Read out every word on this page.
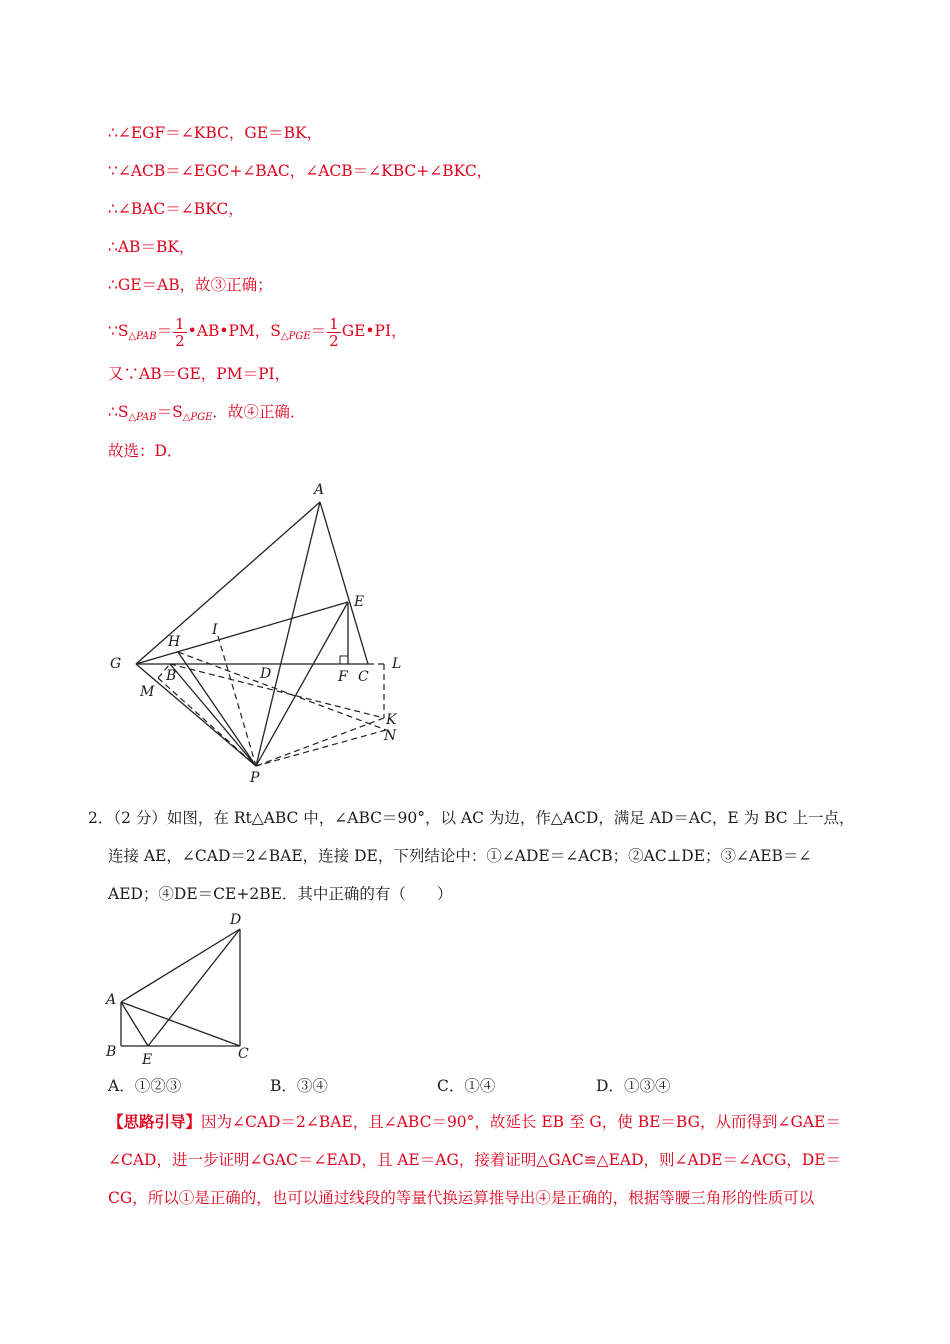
∴∠EGF＝∠KBC，GE＝BK，
∵∠ACB＝∠EGC+∠BAC，∠ACB＝∠KBC+∠BKC，
∴∠BAC＝∠BKC，
∴AB＝BK，
∴GE＝AB，故③正确；
$\because S_{\triangle PAB}= \frac{1}{2}$ •AB•PM，$S_{\triangle PGE}= \frac{1}{2}$ GE•PI，
又∵AB＝GE，PM＝PI，
$\therefore S_{\triangle PAB}=S_{\triangle PGE}$．故④正确．
故选：D．
A
E
H
I
G
B	D	F C
L
M
K
N
P
2．（2 分）如图，在 Rt△ABC 中，∠ABC＝90°，以 AC 为边，作△ACD，满足 AD＝AC，E 为 BC 上一点，
连接 AE，∠CAD＝2∠BAE，连接 DE，下列结论中：①∠ADE＝∠ACB；②AC⊥DE；③∠AEB＝∠
AED；④DE＝CE+2BE．其中正确的有（　　）
D
A
B E	C
A．①②③	B．③④	C．①④	D．①③④
【思路引导】因为∠CAD＝2∠BAE，且∠ABC＝90°，故延长 EB 至 G，使 BE＝BG，从而得到∠GAE＝
∠CAD，进一步证明∠GAC＝∠EAD，且 AE＝AG，接着证明△GAC≌△EAD，则∠ADE＝∠ACG，DE＝
CG，所以①是正确的，也可以通过线段的等量代换运算推导出④是正确的，根据等腰三角形的性质可以
